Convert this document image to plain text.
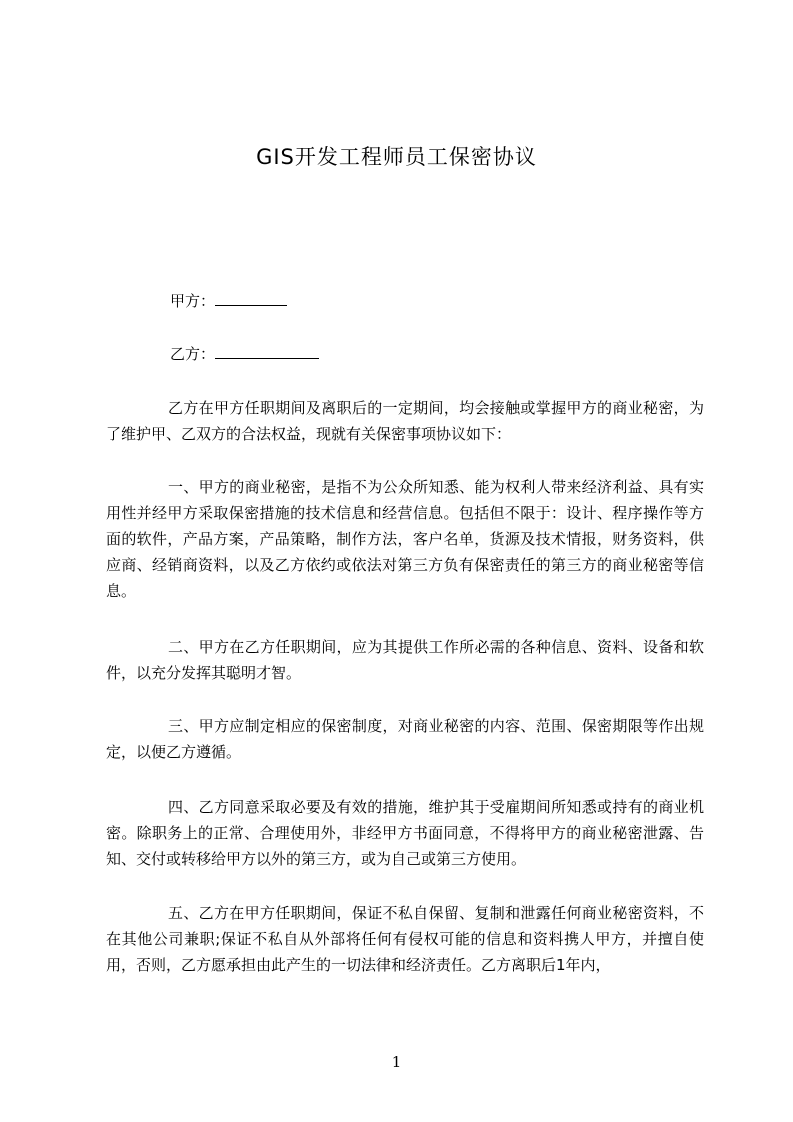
GIS开发工程师员工保密协议
甲方：
乙方：

乙方在甲方任职期间及离职后的一定期间，均会接触或掌握甲方的商业秘密，为了维护甲、乙双方的合法权益，现就有关保密事项协议如下：

一、甲方的商业秘密，是指不为公众所知悉、能为权利人带来经济利益、具有实用性并经甲方采取保密措施的技术信息和经营信息。包括但不限于：设计、程序操作等方面的软件，产品方案，产品策略，制作方法，客户名单，货源及技术情报，财务资料，供应商、经销商资料，以及乙方依约或依法对第三方负有保密责任的第三方的商业秘密等信息。

二、甲方在乙方任职期间，应为其提供工作所必需的各种信息、资料、设备和软件，以充分发挥其聪明才智。

三、甲方应制定相应的保密制度，对商业秘密的内容、范围、保密期限等作出规定，以便乙方遵循。

四、乙方同意采取必要及有效的措施，维护其于受雇期间所知悉或持有的商业机密。除职务上的正常、合理使用外，非经甲方书面同意，不得将甲方的商业秘密泄露、告知、交付或转移给甲方以外的第三方，或为自己或第三方使用。

五、乙方在甲方任职期间，保证不私自保留、复制和泄露任何商业秘密资料，不在其他公司兼职;保证不私自从外部将任何有侵权可能的信息和资料携人甲方，并擅自使用，否则，乙方愿承担由此产生的一切法律和经济责任。乙方离职后1年内，

1
